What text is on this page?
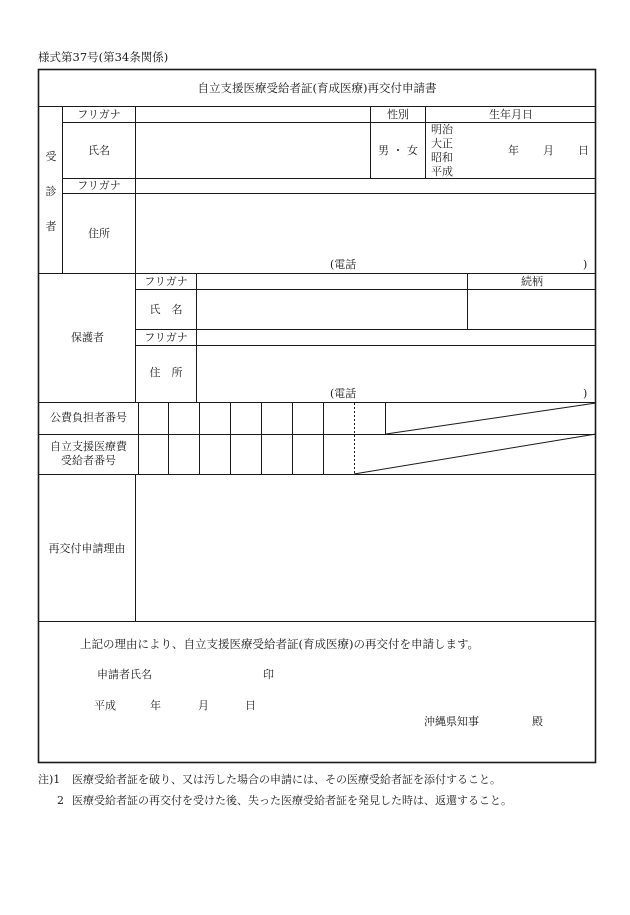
様式第37号(第34条関係)
自立支援医療受給者証(育成医療)再交付申請書
受
診
者
フリガナ	性別	生年月日
氏名	男 ・ 女
明治
大正
昭和
平成
年 月 日
フリガナ
住所
(電話	)
保護者
フリガナ	続柄
氏　名
フリガナ
住　所
(電話	)
公費負担者番号
自立支援医療費
受給者番号
再交付申請理由
上記の理由により、自立支援医療受給者証(育成医療)の再交付を申請します。
申請者氏名	印
平成	年	月	日
沖縄県知事	殿
注)1 医療受給者証を破り、又は汚した場合の申請には、その医療受給者証を添付すること。
2 医療受給者証の再交付を受けた後、失った医療受給者証を発見した時は、返還すること。
